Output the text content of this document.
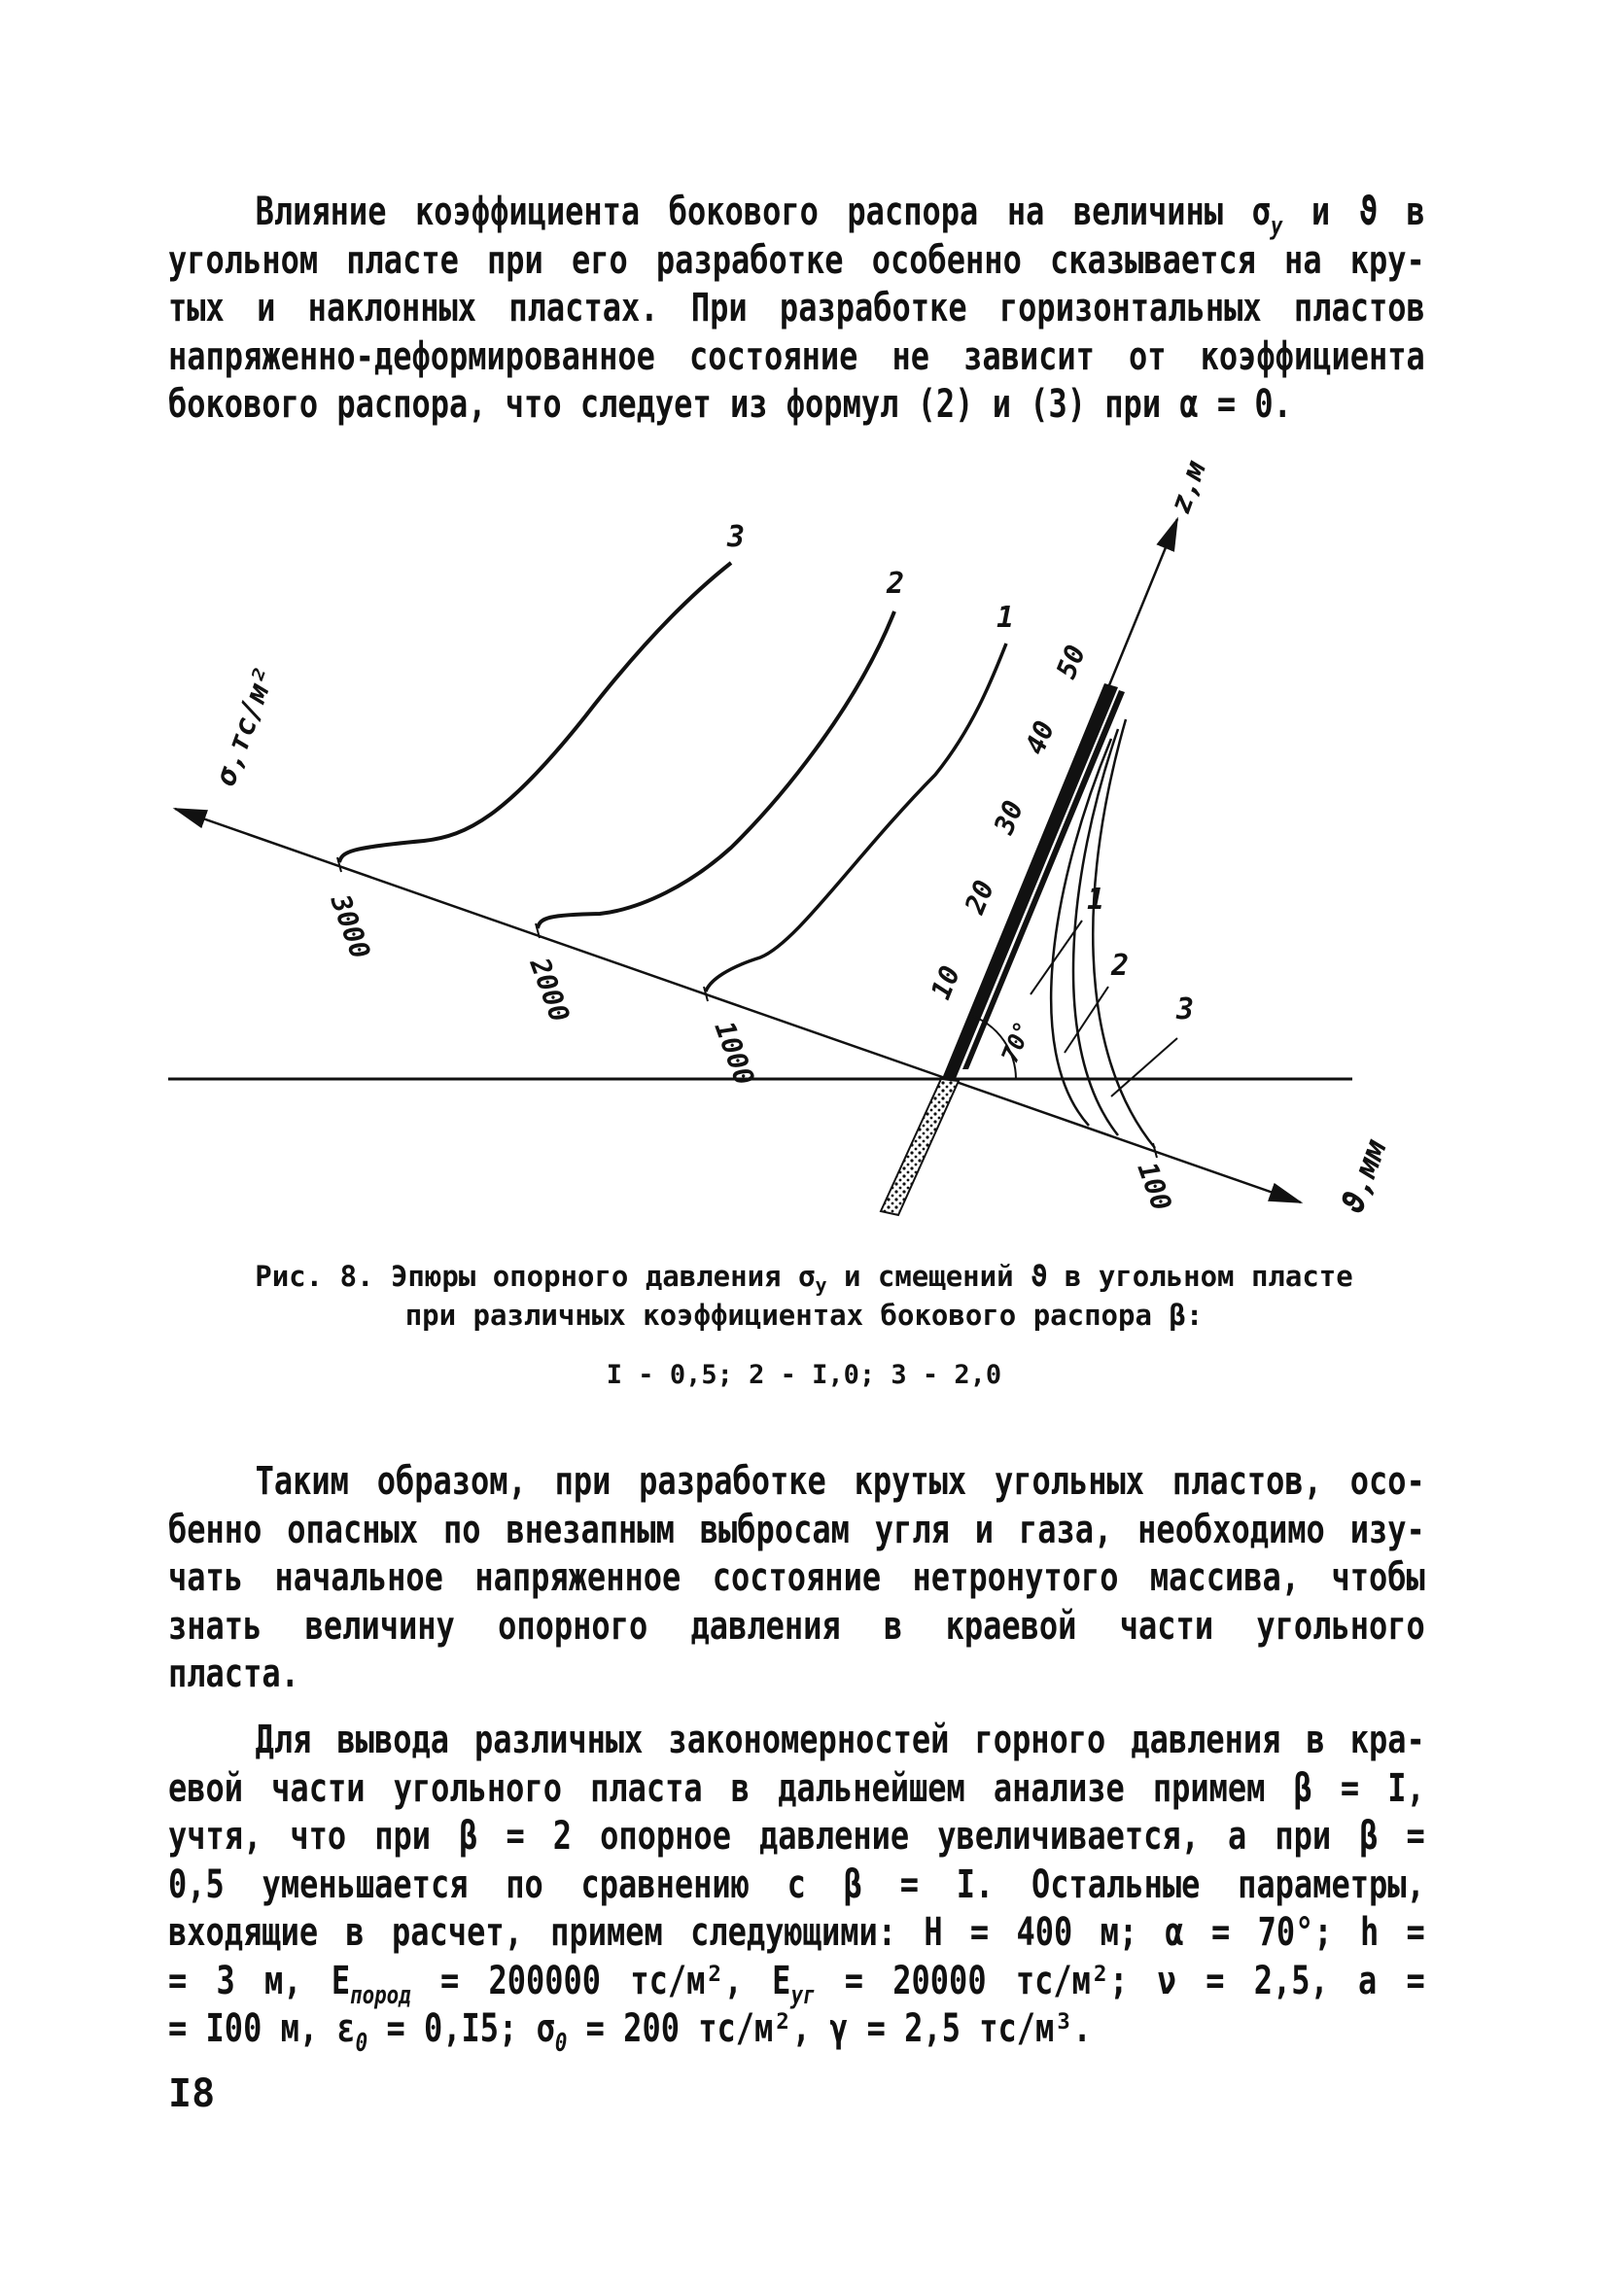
Влияние коэффициента бокового распора на величины $\sigma_y$ и ϑ в
угольном пласте при его разработке особенно сказывается на кру-
тых и наклонных пластах. При разработке горизонтальных пластов
напряженно-деформированное состояние не зависит от коэффициента
бокового распора, что следует из формул (2) и (3) при α = 0.
σ,тс/м²
z,м
ϑ,мм
3000
2000
1000
100
10
20
30
40
50
70°
1
2
3
1
2
3
Рис. 8. Эпюры опорного давления $\sigma_y$ и смещений ϑ в угольном пласте
при различных коэффициентах бокового распора β:
I - 0,5; 2 - I,0; 3 - 2,0
Таким образом, при разработке крутых угольных пластов, осо-
бенно опасных по внезапным выбросам угля и газа, необходимо изу-
чать начальное напряженное состояние нетронутого массива, чтобы
знать величину опорного давления в краевой части угольного
пласта.
Для вывода различных закономерностей горного давления в кра-
евой части угольного пласта в дальнейшем анализе примем β = I,
учтя, что при β = 2 опорное давление увеличивается, а при β =
0,5 уменьшается по сравнению с β = I. Остальные параметры,
входящие в расчет, примем следующими: H = 400 м; α = 70°; h =
= 3 м, $E_{пород} = 200000$ тс/м², $E_{уг} = 20000$ тс/м²; ν = 2,5, a =
= I00 м, $\varepsilon_0 = 0,I5$; $\sigma_0 = 200$ тс/м², γ = 2,5 тс/м³.
I8
